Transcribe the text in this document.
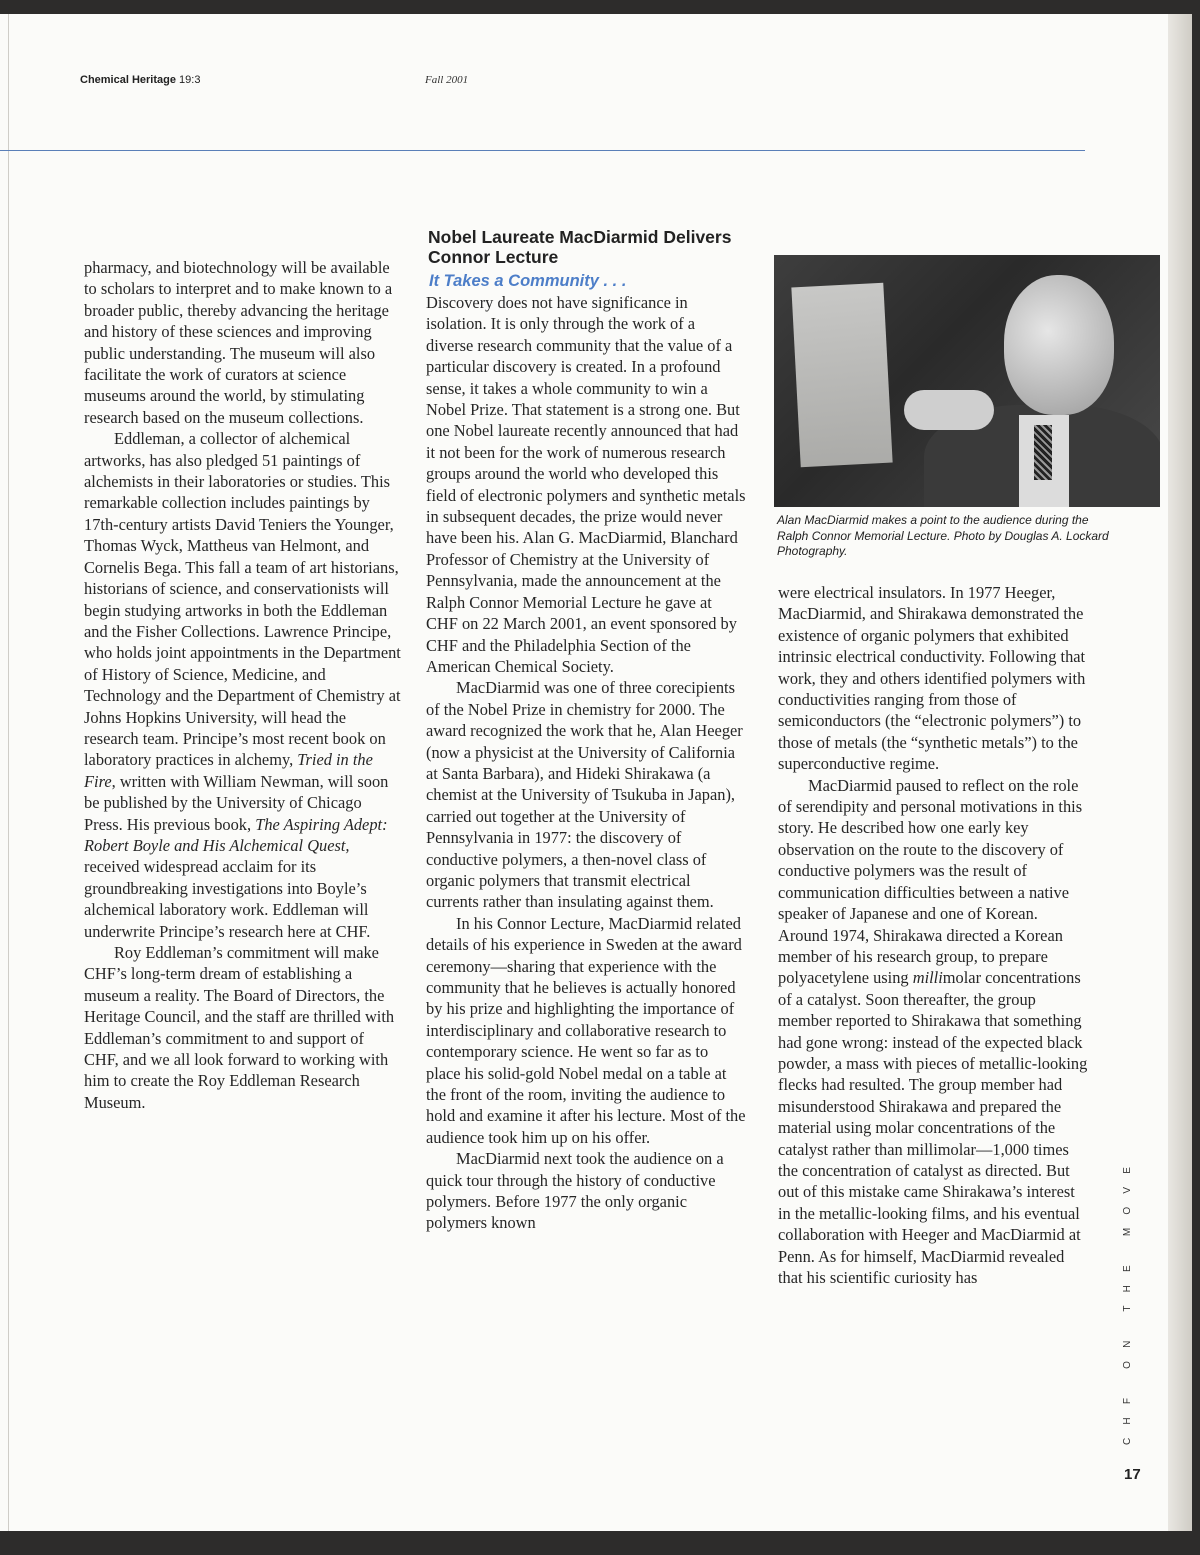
Chemical Heritage 19:3	Fall 2001

pharmacy, and biotechnology will be available to scholars to interpret and to make known to a broader public, thereby advancing the heritage and history of these sciences and improving public understanding. The museum will also facilitate the work of curators at science museums around the world, by stimulating research based on the museum collections.

Eddleman, a collector of alchemical artworks, has also pledged 51 paintings of alchemists in their laboratories or studies. This remarkable collection includes paintings by 17th-century artists David Teniers the Younger, Thomas Wyck, Mattheus van Helmont, and Cornelis Bega. This fall a team of art historians, historians of science, and conservationists will begin studying artworks in both the Eddleman and the Fisher Collections. Lawrence Principe, who holds joint appointments in the Department of History of Science, Medicine, and Technology and the Department of Chemistry at Johns Hopkins University, will head the research team. Principe’s most recent book on laboratory practices in alchemy, Tried in the Fire, written with William Newman, will soon be published by the University of Chicago Press. His previous book, The Aspiring Adept: Robert Boyle and His Alchemical Quest, received widespread acclaim for its groundbreaking investigations into Boyle’s alchemical laboratory work. Eddleman will underwrite Principe’s research here at CHF.

Roy Eddleman’s commitment will make CHF’s long-term dream of establishing a museum a reality. The Board of Directors, the Heritage Council, and the staff are thrilled with Eddleman’s commitment to and support of CHF, and we all look forward to working with him to create the Roy Eddleman Research Museum.

Nobel Laureate MacDiarmid Delivers Connor Lecture
It Takes a Community . . .

Discovery does not have significance in isolation. It is only through the work of a diverse research community that the value of a particular discovery is created. In a profound sense, it takes a whole community to win a Nobel Prize. That statement is a strong one. But one Nobel laureate recently announced that had it not been for the work of numerous research groups around the world who developed this field of electronic polymers and synthetic metals in subsequent decades, the prize would never have been his. Alan G. MacDiarmid, Blanchard Professor of Chemistry at the University of Pennsylvania, made the announcement at the Ralph Connor Memorial Lecture he gave at CHF on 22 March 2001, an event sponsored by CHF and the Philadelphia Section of the American Chemical Society.

MacDiarmid was one of three corecipients of the Nobel Prize in chemistry for 2000. The award recognized the work that he, Alan Heeger (now a physicist at the University of California at Santa Barbara), and Hideki Shirakawa (a chemist at the University of Tsukuba in Japan), carried out together at the University of Pennsylvania in 1977: the discovery of conductive polymers, a then-novel class of organic polymers that transmit electrical currents rather than insulating against them.

In his Connor Lecture, MacDiarmid related details of his experience in Sweden at the award ceremony—sharing that experience with the community that he believes is actually honored by his prize and highlighting the importance of interdisciplinary and collaborative research to contemporary science. He went so far as to place his solid-gold Nobel medal on a table at the front of the room, inviting the audience to hold and examine it after his lecture. Most of the audience took him up on his offer.

MacDiarmid next took the audience on a quick tour through the history of conductive polymers. Before 1977 the only organic polymers known

Alan MacDiarmid makes a point to the audience during the Ralph Connor Memorial Lecture. Photo by Douglas A. Lockard Photography.

were electrical insulators. In 1977 Heeger, MacDiarmid, and Shirakawa demonstrated the existence of organic polymers that exhibited intrinsic electrical conductivity. Following that work, they and others identified polymers with conductivities ranging from those of semiconductors (the “electronic polymers”) to those of metals (the “synthetic metals”) to the superconductive regime.

MacDiarmid paused to reflect on the role of serendipity and personal motivations in this story. He described how one early key observation on the route to the discovery of conductive polymers was the result of communication difficulties between a native speaker of Japanese and one of Korean. Around 1974, Shirakawa directed a Korean member of his research group, to prepare polyacetylene using millimolar concentrations of a catalyst. Soon thereafter, the group member reported to Shirakawa that something had gone wrong: instead of the expected black powder, a mass with pieces of metallic-looking flecks had resulted. The group member had misunderstood Shirakawa and prepared the material using molar concentrations of the catalyst rather than millimolar—1,000 times the concentration of catalyst as directed. But out of this mistake came Shirakawa’s interest in the metallic-looking films, and his eventual collaboration with Heeger and MacDiarmid at Penn. As for himself, MacDiarmid revealed that his scientific curiosity has	CHF ON THE MOVE
17
